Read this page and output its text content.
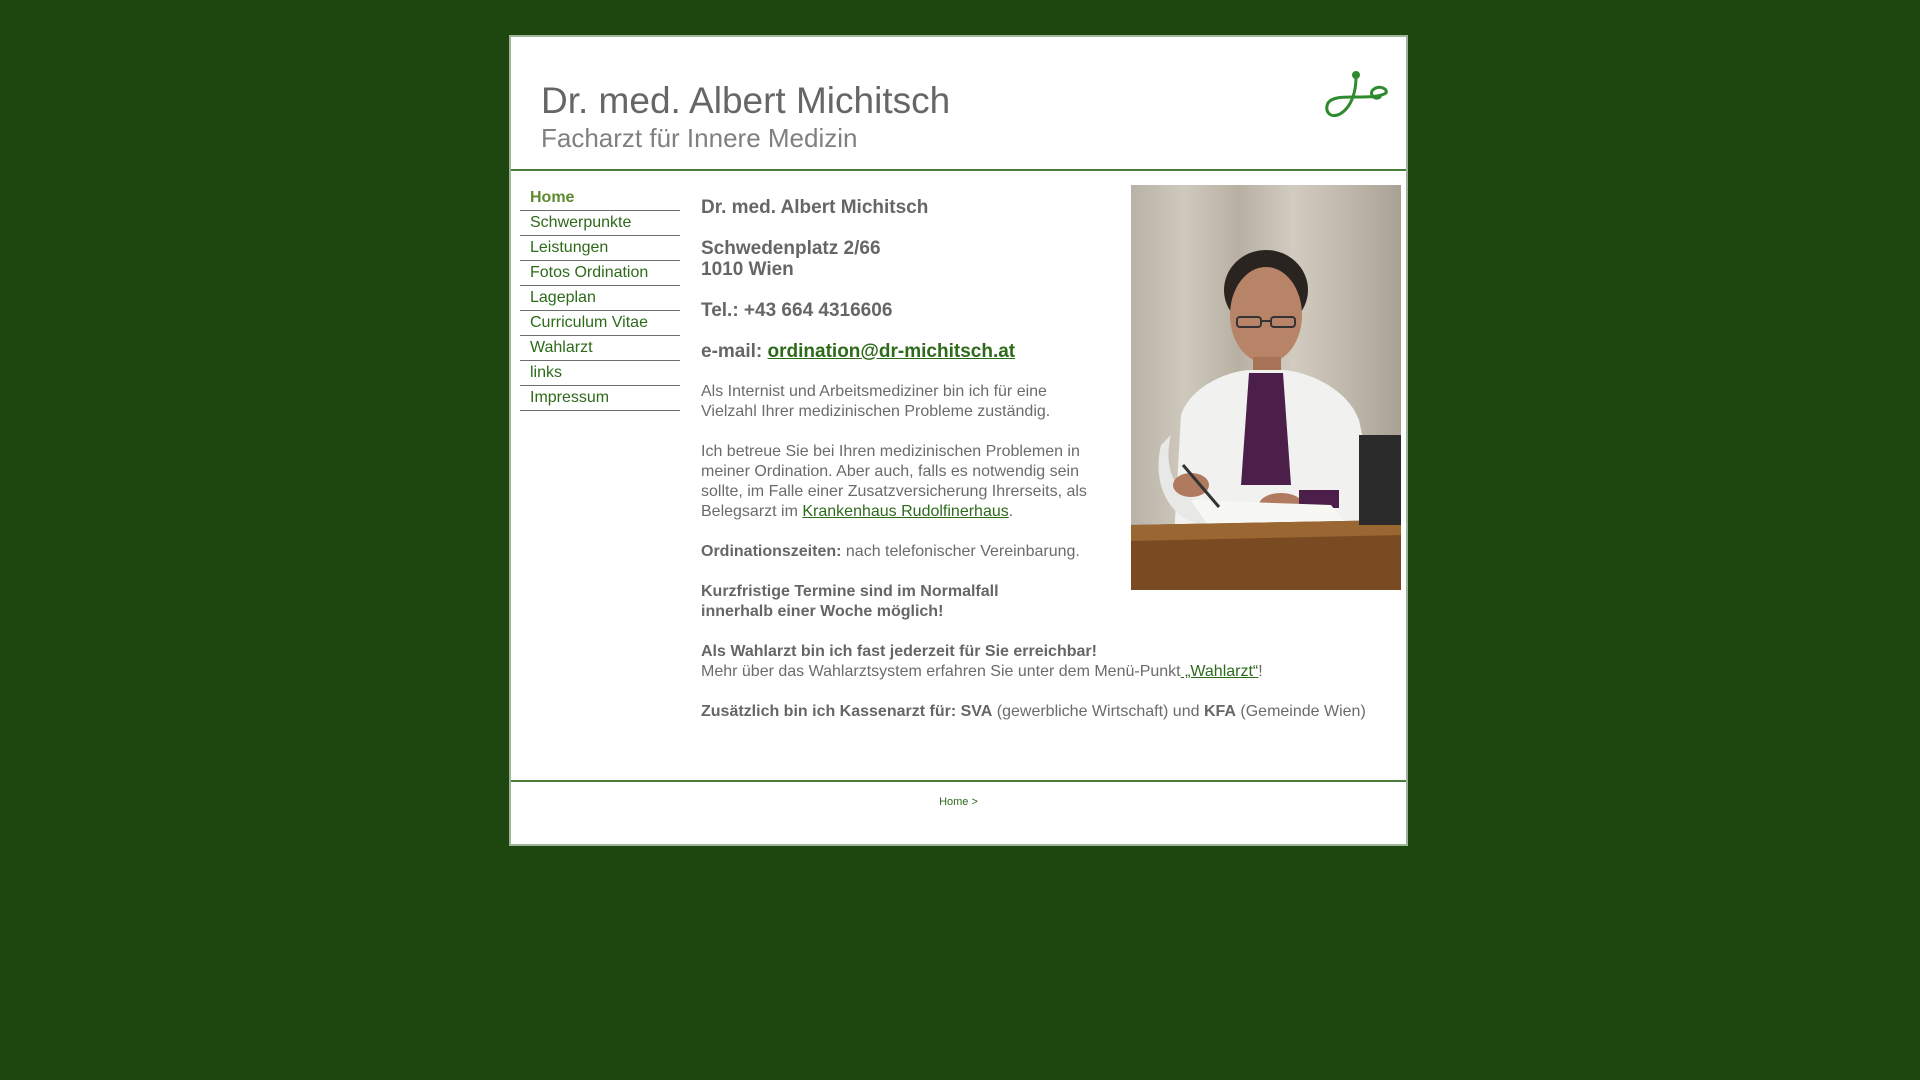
Dr. med. Albert Michitsch
Facharzt für Innere Medizin
Home
Schwerpunkte
Leistungen
Fotos Ordination
Lageplan
Curriculum Vitae
Wahlarzt
links
Impressum

Dr. med. Albert Michitsch

Schwedenplatz 2/66
1010 Wien

Tel.: +43 664 4316606

e-mail: ordination@dr-michitsch.at

Als Internist und Arbeitsmediziner bin ich für eine Vielzahl Ihrer medizinischen Probleme zuständig.

Ich betreue Sie bei Ihren medizinischen Problemen in meiner Ordination. Aber auch, falls es notwendig sein sollte, im Falle einer Zusatzversicherung Ihrerseits, als Belegsarzt im Krankenhaus Rudolfinerhaus.

Ordinationszeiten: nach telefonischer Vereinbarung.

Kurzfristige Termine sind im Normalfall
innerhalb einer Woche möglich!

Als Wahlarzt bin ich fast jederzeit für Sie erreichbar!
Mehr über das Wahlarztsystem erfahren Sie unter dem Menü-Punkt „Wahlarzt“!

Zusätzlich bin ich Kassenarzt für: SVA (gewerbliche Wirtschaft) und KFA (Gemeinde Wien)

Home >
